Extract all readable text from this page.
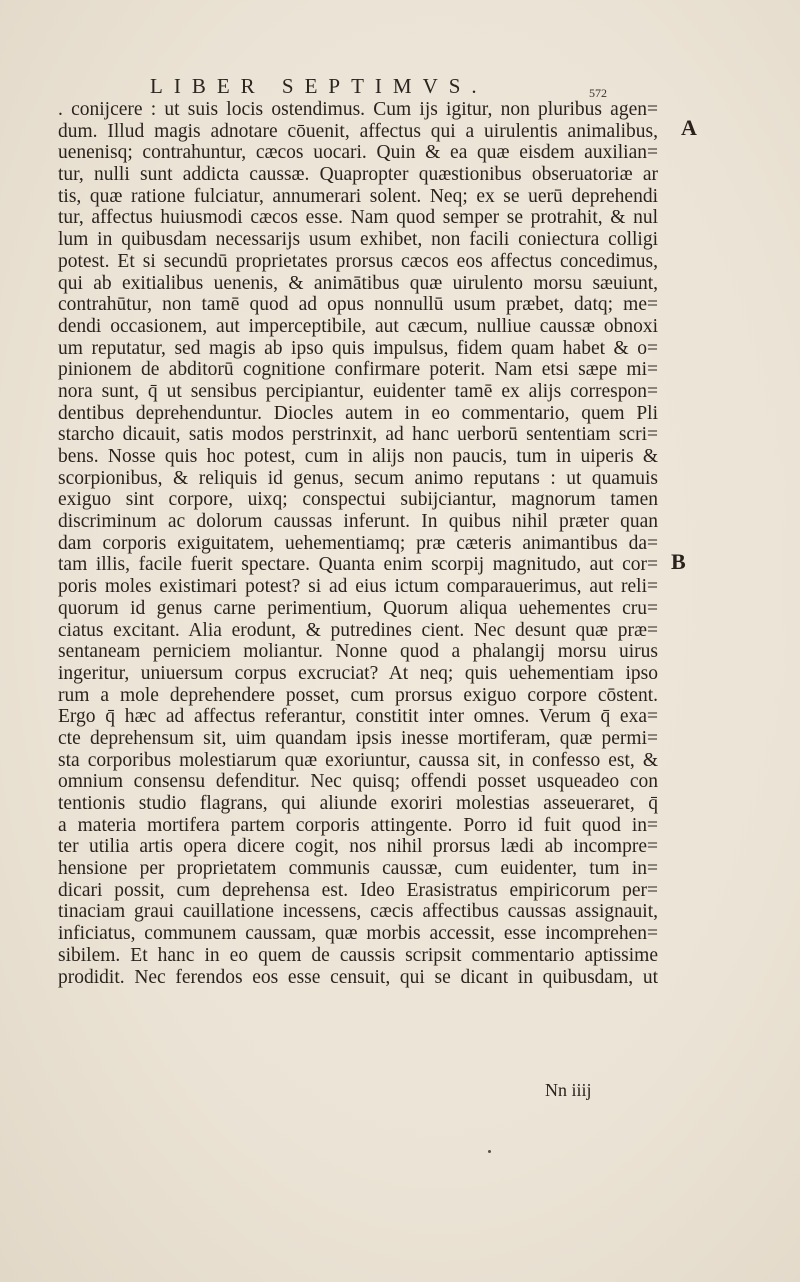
LIBER SEPTIMVS.	572
. conijcere : ut suis locis ostendimus. Cum ijs igitur, non pluribus agen=
dum. Illud magis adnotare co͏̄uenit, affectus qui a uirulentis animalibus,
uenenisq; contrahuntur, cæcos uocari. Quin & ea quæ eisdem auxilian=
tur, nulli sunt addicta caussæ. Quapropter quæstionibus obseruatoriæ ar
tis, quæ ratione fulciatur, annumerari solent. Neq; ex se uerū deprehendi
tur, affectus huiusmodi cæcos esse. Nam quod semper se protrahit, & nul
lum in quibusdam necessarijs usum exhibet, non facili coniectura colligi
potest. Et si secundū proprietates prorsus cæcos eos affectus concedimus,
qui ab exitialibus uenenis, & animātibus quæ uirulento morsu sæuiunt,
contrahūtur, non tamē quod ad opus nonnullū usum præbet, datq; me=
dendi occasionem, aut imperceptibile, aut cæcum, nulliue caussæ obnoxi
um reputatur, sed magis ab ipso quis impulsus, fidem quam habet & o=
pinionem de abditorū cognitione confirmare poterit. Nam etsi sæpe mi=
nora sunt, q̄ ut sensibus percipiantur, euidenter tamē ex alijs correspon=
dentibus deprehenduntur. Diocles autem in eo commentario, quem Pli
starcho dicauit, satis modos perstrinxit, ad hanc uerborū sententiam scri=
bens. Nosse quis hoc potest, cum in alijs non paucis, tum in uiperis &
scorpionibus, & reliquis id genus, secum animo reputans : ut quamuis
exiguo sint corpore, uixq; conspectui subijciantur, magnorum tamen
discriminum ac dolorum caussas inferunt. In quibus nihil præter quan
dam corporis exiguitatem, uehementiamq; præ cæteris animantibus da=
tam illis, facile fuerit spectare. Quanta enim scorpij magnitudo, aut cor=
poris moles existimari potest? si ad eius ictum comparauerimus, aut reli=
quorum id genus carne perimentium, Quorum aliqua uehementes cru=
ciatus excitant. Alia erodunt, & putredines cient. Nec desunt quæ præ=
sentaneam perniciem moliantur. Nonne quod a phalangij morsu uirus
ingeritur, uniuersum corpus excruciat? At neq; quis uehementiam ipso
rum a mole deprehendere posset, cum prorsus exiguo corpore cōstent.
Ergo q̄ hæc ad affectus referantur, constitit inter omnes. Verum q̄ exa=
cte deprehensum sit, uim quandam ipsis inesse mortiferam, quæ permi=
sta corporibus molestiarum quæ exoriuntur, caussa sit, in confesso est, &
omnium consensu defenditur. Nec quisq; offendi posset usqueadeo con
tentionis studio flagrans, qui aliunde exoriri molestias asseueraret, q̄
a materia mortifera partem corporis attingente. Porro id fuit quod in=
ter utilia artis opera dicere cogit, nos nihil prorsus lædi ab incompre=
hensione per proprietatem communis caussæ, cum euidenter, tum in=
dicari possit, cum deprehensa est. Ideo Erasistratus empiricorum per=
tinaciam graui cauillatione incessens, cæcis affectibus caussas assignauit,
inficiatus, communem caussam, quæ morbis accessit, esse incomprehen=
sibilem. Et hanc in eo quem de caussis scripsit commentario aptissime
prodidit. Nec ferendos eos esse censuit, qui se dicant in quibusdam, ut
A
B
Nn iiij
